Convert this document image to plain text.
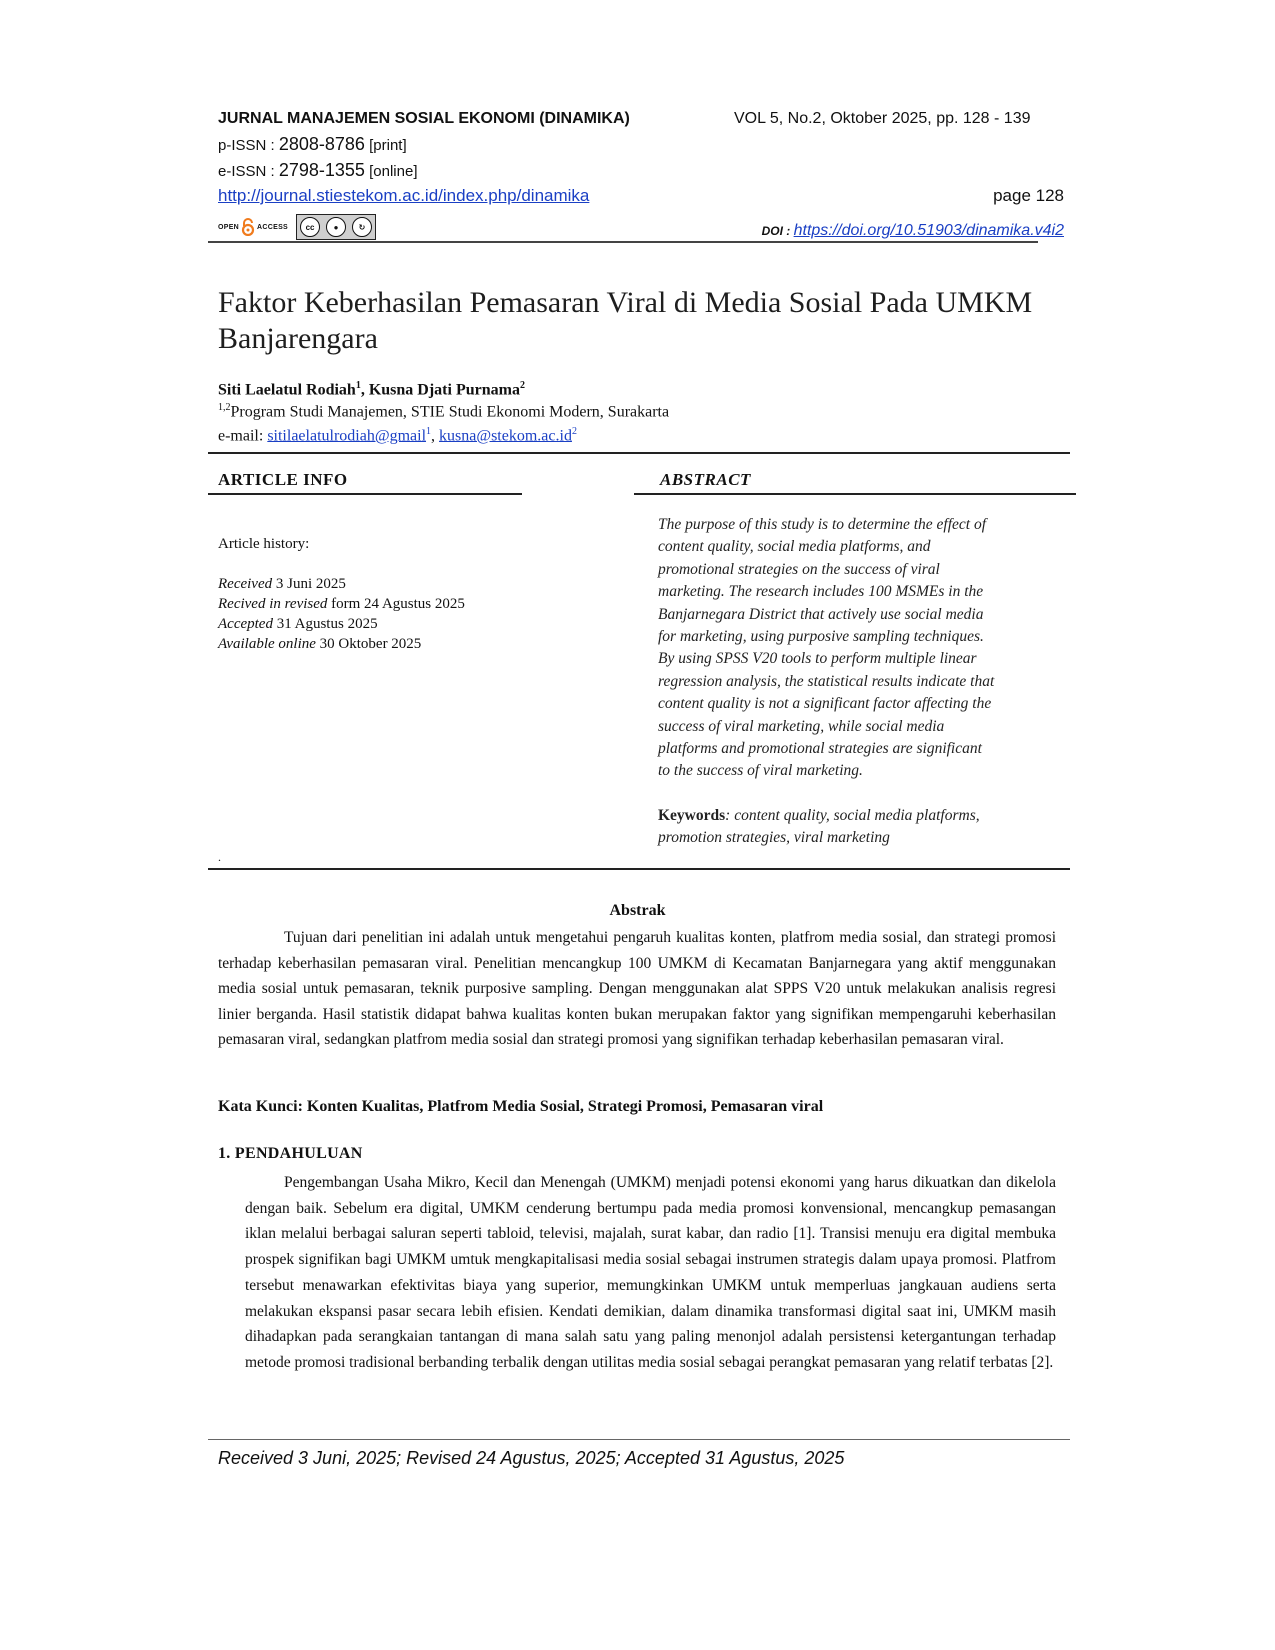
JURNAL MANAJEMEN SOSIAL EKONOMI (DINAMIKA)	VOL 5, No.2, Oktober 2025, pp. 128 - 139
p-ISSN : 2808-8786 [print]
e-ISSN : 2798-1355 [online]
http://journal.stiestekom.ac.id/index.php/dinamika	page 128
OPEN	ACCESS	cc	●	↻	DOI : https://doi.org/10.51903/dinamika.v4i2
Faktor Keberhasilan Pemasaran Viral di Media Sosial Pada UMKM Banjarengara
Siti Laelatul Rodiah$^1$, Kusna Djati Purnama$^2$
$^{1,2}$Program Studi Manajemen, STIE Studi Ekonomi Modern, Surakarta
e-mail: sitilaelatulrodiah@gmail$^1$, $kusna@stekom.ac.id^2$
ARTICLE INFO	ABSTRACT
Article history:
Received 3 Juni 2025
Recived in revised form 24 Agustus 2025
Accepted 31 Agustus 2025
Available online 30 Oktober 2025
The purpose of this study is to determine the effect of
content quality, social media platforms, and
promotional strategies on the success of viral
marketing. The research includes 100 MSMEs in the
Banjarnegara District that actively use social media
for marketing, using purposive sampling techniques.
By using SPSS V20 tools to perform multiple linear
regression analysis, the statistical results indicate that
content quality is not a significant factor affecting the
success of viral marketing, while social media
platforms and promotional strategies are significant
to the success of viral marketing.
Keywords: content quality, social media platforms,
promotion strategies, viral marketing
.
Abstrak
Tujuan dari penelitian ini adalah untuk mengetahui pengaruh kualitas konten, platfrom media sosial, dan strategi promosi terhadap keberhasilan pemasaran viral. Penelitian mencangkup 100 UMKM di Kecamatan Banjarnegara yang aktif menggunakan media sosial untuk pemasaran, teknik purposive sampling. Dengan menggunakan alat SPPS V20 untuk melakukan analisis regresi linier berganda. Hasil statistik didapat bahwa kualitas konten bukan merupakan faktor yang signifikan mempengaruhi keberhasilan pemasaran viral, sedangkan platfrom media sosial dan strategi promosi yang signifikan terhadap keberhasilan pemasaran viral.
Kata Kunci: Konten Kualitas, Platfrom Media Sosial, Strategi Promosi, Pemasaran viral
1. PENDAHULUAN
Pengembangan Usaha Mikro, Kecil dan Menengah (UMKM) menjadi potensi ekonomi yang harus dikuatkan dan dikelola dengan baik. Sebelum era digital, UMKM cenderung bertumpu pada media promosi konvensional, mencangkup pemasangan iklan melalui berbagai saluran seperti tabloid, televisi, majalah, surat kabar, dan radio [1]. Transisi menuju era digital membuka prospek signifikan bagi UMKM umtuk mengkapitalisasi media sosial sebagai instrumen strategis dalam upaya promosi. Platfrom tersebut menawarkan efektivitas biaya yang superior, memungkinkan UMKM untuk memperluas jangkauan audiens serta melakukan ekspansi pasar secara lebih efisien. Kendati demikian, dalam dinamika transformasi digital saat ini, UMKM masih dihadapkan pada serangkaian tantangan di mana salah satu yang paling menonjol adalah persistensi ketergantungan terhadap metode promosi tradisional berbanding terbalik dengan utilitas media sosial sebagai perangkat pemasaran yang relatif terbatas [2].
Received 3 Juni, 2025; Revised 24 Agustus, 2025; Accepted 31 Agustus, 2025
